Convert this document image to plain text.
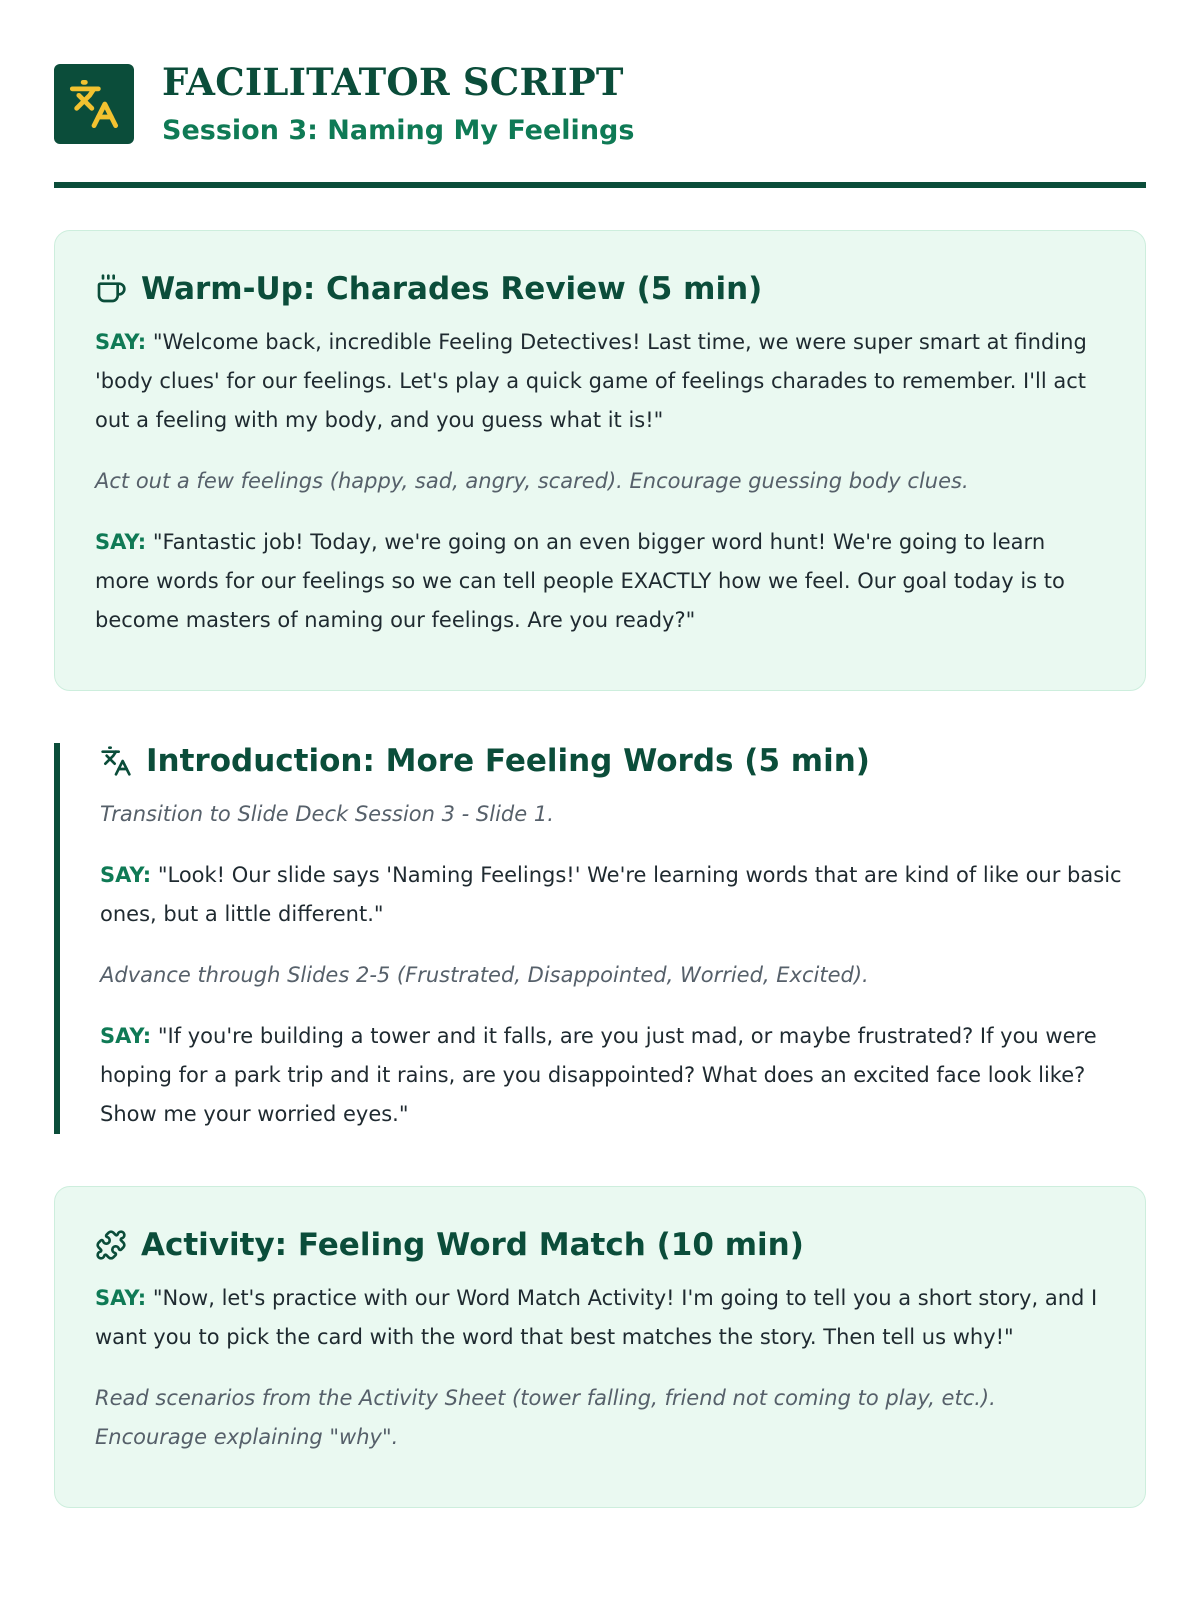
FACILITATOR SCRIPT
Session 3: Naming My Feelings
Warm-Up: Charades Review (5 min)

SAY: "Welcome back, incredible Feeling Detectives! Last time, we were super smart at finding 'body clues' for our feelings. Let's play a quick game of feelings charades to remember. I'll act out a feeling with my body, and you guess what it is!"

Act out a few feelings (happy, sad, angry, scared). Encourage guessing body clues.

SAY: "Fantastic job! Today, we're going on an even bigger word hunt! We're going to learn more words for our feelings so we can tell people EXACTLY how we feel. Our goal today is to become masters of naming our feelings. Are you ready?"

Introduction: More Feeling Words (5 min)

Transition to Slide Deck Session 3 - Slide 1.

SAY: "Look! Our slide says 'Naming Feelings!' We're learning words that are kind of like our basic ones, but a little different."

Advance through Slides 2-5 (Frustrated, Disappointed, Worried, Excited).

SAY: "If you're building a tower and it falls, are you just mad, or maybe frustrated? If you were hoping for a park trip and it rains, are you disappointed? What does an excited face look like? Show me your worried eyes."

Activity: Feeling Word Match (10 min)

SAY: "Now, let's practice with our Word Match Activity! I'm going to tell you a short story, and I want you to pick the card with the word that best matches the story. Then tell us why!"

Read scenarios from the Activity Sheet (tower falling, friend not coming to play, etc.). Encourage explaining "why".
